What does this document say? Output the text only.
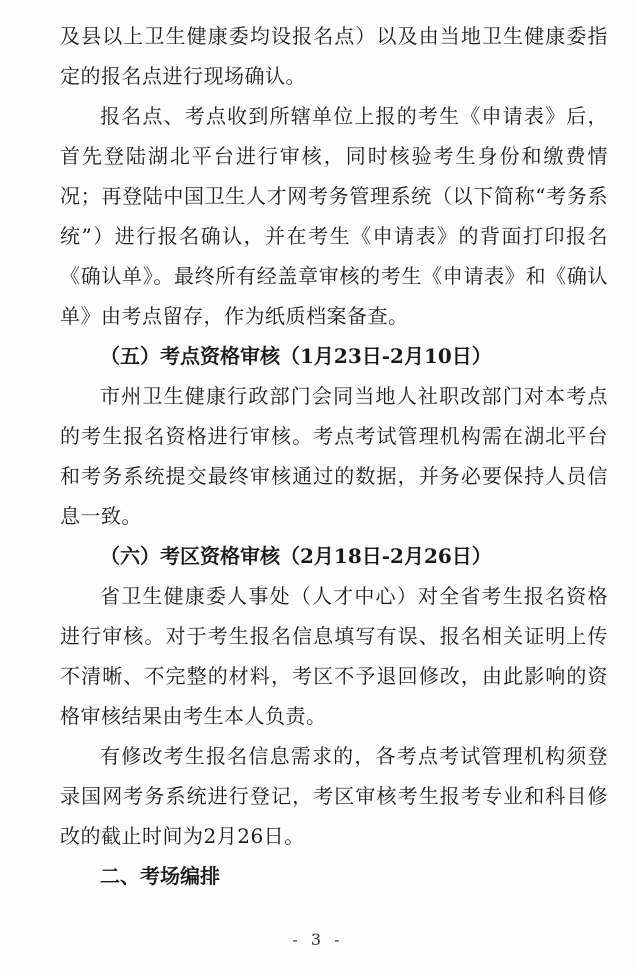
及县以上卫生健康委均设报名点）以及由当地卫生健康委指定的报名点进行现场确认。

报名点、考点收到所辖单位上报的考生《申请表》后，首先登陆湖北平台进行审核，同时核验考生身份和缴费情况；再登陆中国卫生人才网考务管理系统（以下简称“考务系统”）进行报名确认，并在考生《申请表》的背面打印报名《确认单》。最终所有经盖章审核的考生《申请表》和《确认单》由考点留存，作为纸质档案备查。

（五）考点资格审核（1月23日-2月10日）

市州卫生健康行政部门会同当地人社职改部门对本考点的考生报名资格进行审核。考点考试管理机构需在湖北平台和考务系统提交最终审核通过的数据，并务必要保持人员信息一致。

（六）考区资格审核（2月18日-2月26日）

省卫生健康委人事处（人才中心）对全省考生报名资格进行审核。对于考生报名信息填写有误、报名相关证明上传不清晰、不完整的材料，考区不予退回修改，由此影响的资格审核结果由考生本人负责。

有修改考生报名信息需求的，各考点考试管理机构须登录国网考务系统进行登记，考区审核考生报考专业和科目修改的截止时间为2月26日。

二、考场编排

- 3 -
